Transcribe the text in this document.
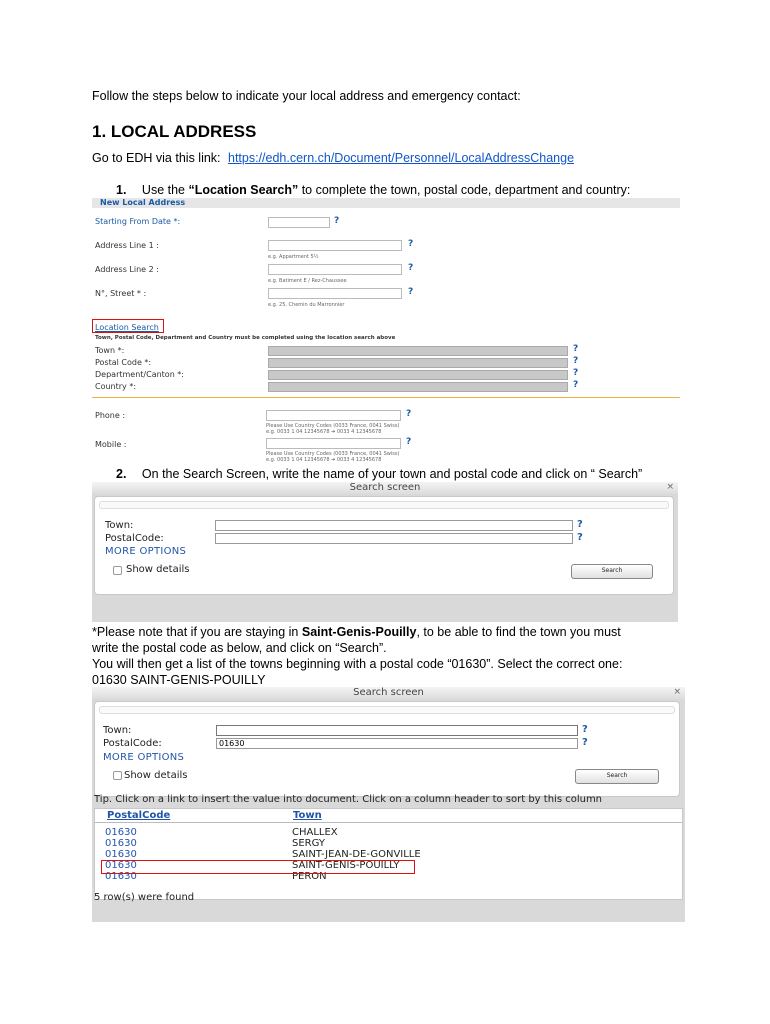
Follow the steps below to indicate your local address and emergency contact:
1. LOCAL ADDRESS
Go to EDH via this link: https://edh.cern.ch/Document/Personnel/LocalAddressChange
1. Use the “Location Search” to complete the town, postal code, department and country:
New Local Address
Starting From Date *:	?
Address Line 1 :	?
e.g. Appartment 5½
Address Line 2 :	?
e.g. Batiment E / Rez-Chaussee
N°, Street * :	?
e.g. 25, Chemin du Marronnier
Location Search
Town, Postal Code, Department and Country must be completed using the location search above
Town *:	?
Postal Code *:	?
Department/Canton *:	?
Country *:	?
Phone :	?
Please Use Country Codes (0033 France, 0041 Swiss)
e.g. 0033 1 04 12345678 ➔ 0033 4 12345678
Mobile :	?
Please Use Country Codes (0033 France, 0041 Swiss)
e.g. 0033 1 04 12345678 ➔ 0033 4 12345678
2. On the Search Screen, write the name of your town and postal code and click on “ Search”
Search screen	×
Town:	?
PostalCode:	?
MORE OPTIONS
Show details	Search
*Please note that if you are staying in Saint-Genis-Pouilly, to be able to find the town you must
write the postal code as below, and click on “Search”.
You will then get a list of the towns beginning with a postal code “01630”. Select the correct one:
01630 SAINT-GENIS-POUILLY
Search screen	×
Town:	?
PostalCode:	01630	?
MORE OPTIONS
Show details	Search
Tip. Click on a link to insert the value into document. Click on a column header to sort by this column
PostalCode	Town
01630	CHALLEX
01630	SERGY
01630	SAINT-JEAN-DE-GONVILLE
01630	SAINT-GENIS-POUILLY
01630	PERON
5 row(s) were found
